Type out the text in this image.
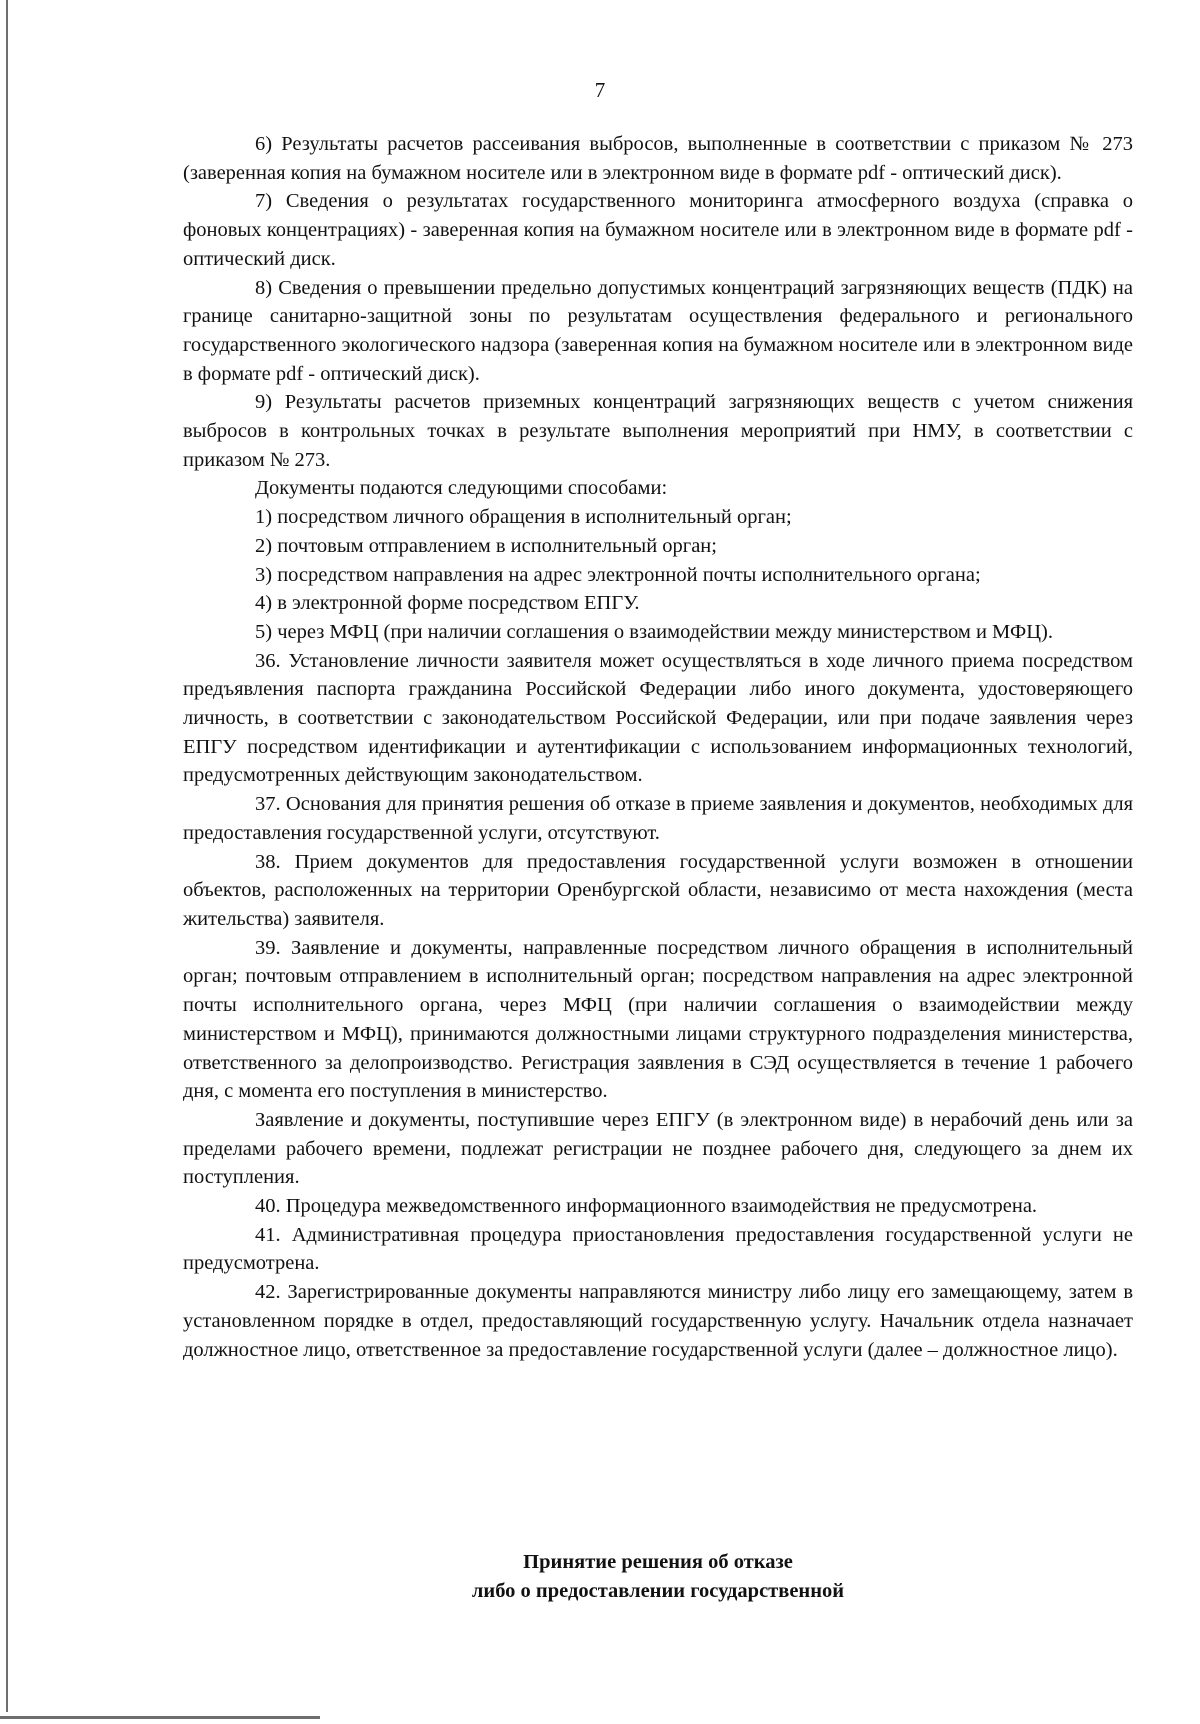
7

6) Результаты расчетов рассеивания выбросов, выполненные в соответствии с приказом № 273 (заверенная копия на бумажном носителе или в электронном виде в формате pdf - оптический диск).

7) Сведения о результатах государственного мониторинга атмосферного воздуха (справка о фоновых концентрациях) - заверенная копия на бумажном носителе или в электронном виде в формате pdf - оптический диск.

8) Сведения о превышении предельно допустимых концентраций загрязняющих веществ (ПДК) на границе санитарно-защитной зоны по результатам осуществления федерального и регионального государственного экологического надзора (заверенная копия на бумажном носителе или в электронном виде в формате pdf - оптический диск).

9) Результаты расчетов приземных концентраций загрязняющих веществ с учетом снижения выбросов в контрольных точках в результате выполнения мероприятий при НМУ, в соответствии с приказом № 273.

Документы подаются следующими способами:

1) посредством личного обращения в исполнительный орган;

2) почтовым отправлением в исполнительный орган;

3) посредством направления на адрес электронной почты исполнительного органа;

4) в электронной форме посредством ЕПГУ.

5) через МФЦ (при наличии соглашения о взаимодействии между министерством и МФЦ).

36. Установление личности заявителя может осуществляться в ходе личного приема посредством предъявления паспорта гражданина Российской Федерации либо иного документа, удостоверяющего личность, в соответствии с законодательством Российской Федерации, или при подаче заявления через ЕПГУ посредством идентификации и аутентификации с использованием информационных технологий, предусмотренных действующим законодательством.

37. Основания для принятия решения об отказе в приеме заявления и документов, необходимых для предоставления государственной услуги, отсутствуют.

38. Прием документов для предоставления государственной услуги возможен в отношении объектов, расположенных на территории Оренбургской области, независимо от места нахождения (места жительства) заявителя.

39. Заявление и документы, направленные посредством личного обращения в исполнительный орган; почтовым отправлением в исполнительный орган; посредством направления на адрес электронной почты исполнительного органа, через МФЦ (при наличии соглашения о взаимодействии между министерством и МФЦ), принимаются должностными лицами структурного подразделения министерства, ответственного за делопроизводство. Регистрация заявления в СЭД осуществляется в течение 1 рабочего дня, с момента его поступления в министерство.

Заявление и документы, поступившие через ЕПГУ (в электронном виде) в нерабочий день или за пределами рабочего времени, подлежат регистрации не позднее рабочего дня, следующего за днем их поступления.

40. Процедура межведомственного информационного взаимодействия не предусмотрена.

41. Административная процедура приостановления предоставления государственной услуги не предусмотрена.

42. Зарегистрированные документы направляются министру либо лицу его замещающему, затем в установленном порядке в отдел, предоставляющий государственную услугу. Начальник отдела назначает должностное лицо, ответственное за предоставление государственной услуги (далее – должностное лицо).

Принятие решения об отказе
либо о предоставлении государственной
